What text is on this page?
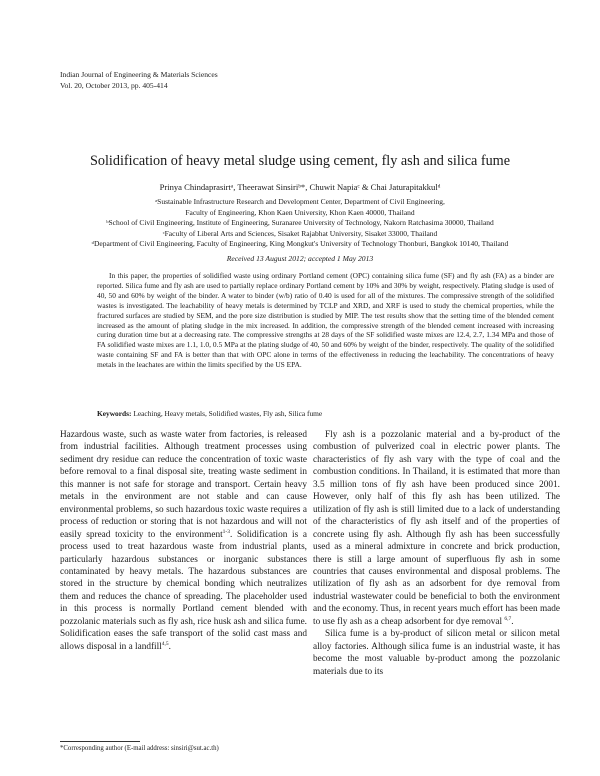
Indian Journal of Engineering & Materials Sciences
Vol. 20, October 2013, pp. 405-414
Solidification of heavy metal sludge using cement, fly ash and silica fume
Prinya Chindaprasirtᵃ, Theerawat Sinsiriᵇ*, Chuwit Napiaᶜ & Chai Jaturapitakkulᵈ
ᵃSustainable Infrastructure Research and Development Center, Department of Civil Engineering,
Faculty of Engineering, Khon Kaen University, Khon Kaen 40000, Thailand
ᵇSchool of Civil Engineering, Institute of Engineering, Suranaree University of Technology, Nakorn Ratchasima 30000, Thailand
ᶜFaculty of Liberal Arts and Sciences, Sisaket Rajabhat University, Sisaket 33000, Thailand
ᵈDepartment of Civil Engineering, Faculty of Engineering, King Mongkut's University of Technology Thonburi, Bangkok 10140, Thailand
Received 13 August 2012; accepted 1 May 2013

In this paper, the properties of solidified waste using ordinary Portland cement (OPC) containing silica fume (SF) and fly ash (FA) as a binder are reported. Silica fume and fly ash are used to partially replace ordinary Portland cement by 10% and 30% by weight, respectively. Plating sludge is used of 40, 50 and 60% by weight of the binder. A water to binder (w/b) ratio of 0.40 is used for all of the mixtures. The compressive strength of the solidified wastes is investigated. The leachability of heavy metals is determined by TCLP and XRD, and XRF is used to study the chemical properties, while the fractured surfaces are studied by SEM, and the pore size distribution is studied by MIP. The test results show that the setting time of the blended cement increased as the amount of plating sludge in the mix increased. In addition, the compressive strength of the blended cement increased with increasing curing duration time but at a decreasing rate. The compressive strengths at 28 days of the SF solidified waste mixes are 12.4, 2.7, 1.34 MPa and those of FA solidified waste mixes are 1.1, 1.0, 0.5 MPa at the plating sludge of 40, 50 and 60% by weight of the binder, respectively. The quality of the solidified waste containing SF and FA is better than that with OPC alone in terms of the effectiveness in reducing the leachability. The concentrations of heavy metals in the leachates are within the limits specified by the US EPA.

Keywords: Leaching, Heavy metals, Solidified wastes, Fly ash, Silica fume

Hazardous waste, such as waste water from factories, is released from industrial facilities. Although treatment processes using sediment dry residue can reduce the concentration of toxic waste before removal to a final disposal site, treating waste sediment in this manner is not safe for storage and transport. Certain heavy metals in the environment are not stable and can cause environmental problems, so such hazardous toxic waste requires a process of reduction or storing that is not hazardous and will not easily spread toxicity to the environment$^{1-3}$. Solidification is a process used to treat hazardous waste from industrial plants, particularly hazardous substances or inorganic substances contaminated by heavy metals. The hazardous substances are stored in the structure by chemical bonding which neutralizes them and reduces the chance of spreading. The placeholder used in this process is normally Portland cement blended with pozzolanic materials such as fly ash, rice husk ash and silica fume. Solidification eases the safe transport of the solid cast mass and allows disposal in a landfill$^{4,5}$.

Fly ash is a pozzolanic material and a by-product of the combustion of pulverized coal in electric power plants. The characteristics of fly ash vary with the type of coal and the combustion conditions. In Thailand, it is estimated that more than 3.5 million tons of fly ash have been produced since 2001. However, only half of this fly ash has been utilized. The utilization of fly ash is still limited due to a lack of understanding of the characteristics of fly ash itself and of the properties of concrete using fly ash. Although fly ash has been successfully used as a mineral admixture in concrete and brick production, there is still a large amount of superfluous fly ash in some countries that causes environmental and disposal problems. The utilization of fly ash as an adsorbent for dye removal from industrial wastewater could be beneficial to both the environment and the economy. Thus, in recent years much effort has been made to use fly ash as a cheap adsorbent for dye removal $^{6,7}$.

Silica fume is a by-product of silicon metal or silicon metal alloy factories. Although silica fume is an industrial waste, it has become the most valuable by-product among the pozzolanic materials due to its

*Corresponding author (E-mail address: sinsiri@sut.ac.th)
